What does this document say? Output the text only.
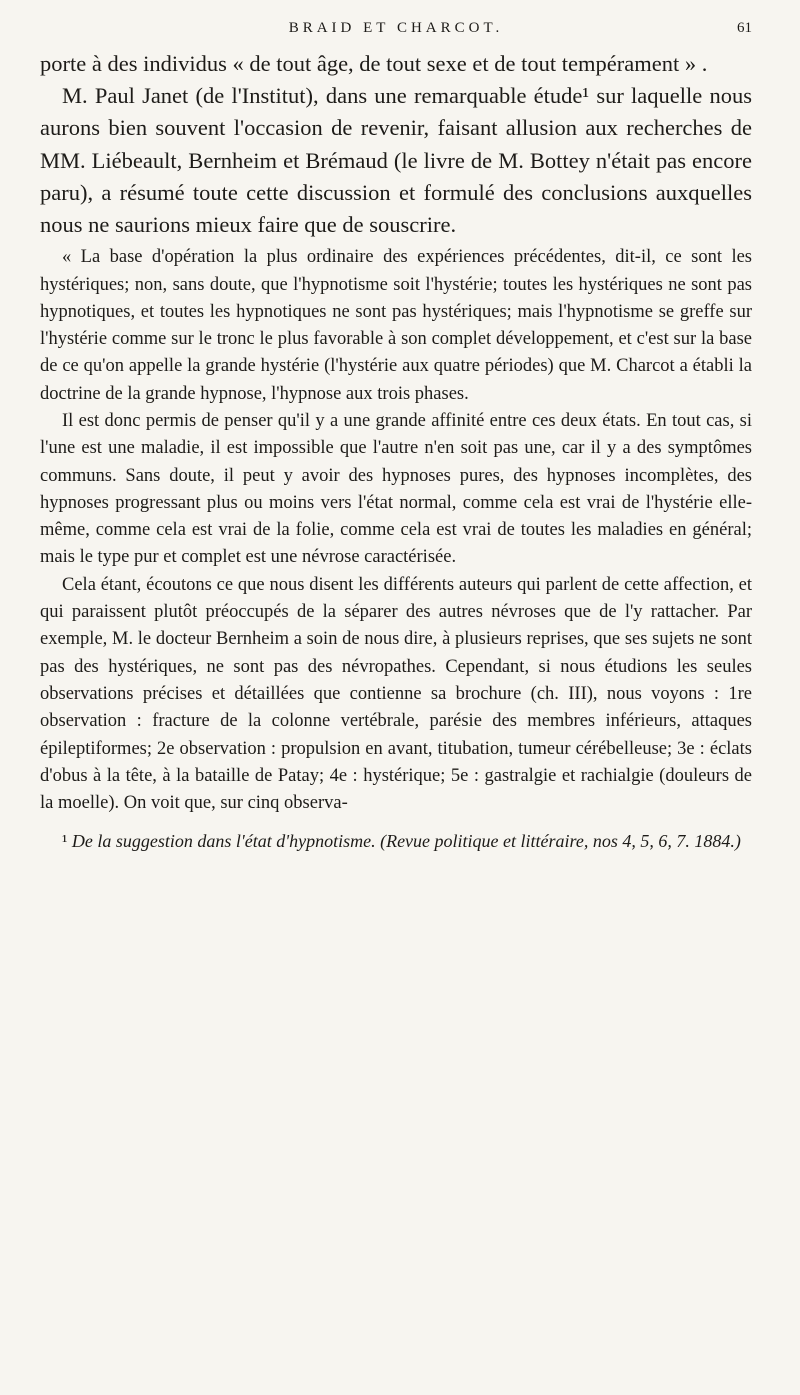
BRAID ET CHARCOT.	61

porte à des individus « de tout âge, de tout sexe et de tout tempérament » .

M. Paul Janet (de l'Institut), dans une remarquable étude¹ sur laquelle nous aurons bien souvent l'occasion de revenir, faisant allusion aux recherches de MM. Liébeault, Bernheim et Brémaud (le livre de M. Bottey n'était pas encore paru), a résumé toute cette discussion et formulé des conclusions auxquelles nous ne saurions mieux faire que de souscrire.

« La base d'opération la plus ordinaire des expériences précédentes, dit-il, ce sont les hystériques; non, sans doute, que l'hypnotisme soit l'hystérie; toutes les hystériques ne sont pas hypnotiques, et toutes les hypnotiques ne sont pas hystériques; mais l'hypnotisme se greffe sur l'hystérie comme sur le tronc le plus favorable à son complet développement, et c'est sur la base de ce qu'on appelle la grande hystérie (l'hystérie aux quatre périodes) que M. Charcot a établi la doctrine de la grande hypnose, l'hypnose aux trois phases.

Il est donc permis de penser qu'il y a une grande affinité entre ces deux états. En tout cas, si l'une est une maladie, il est impossible que l'autre n'en soit pas une, car il y a des symptômes communs. Sans doute, il peut y avoir des hypnoses pures, des hypnoses incomplètes, des hypnoses progressant plus ou moins vers l'état normal, comme cela est vrai de l'hystérie elle-même, comme cela est vrai de la folie, comme cela est vrai de toutes les maladies en général; mais le type pur et complet est une névrose caractérisée.

Cela étant, écoutons ce que nous disent les différents auteurs qui parlent de cette affection, et qui paraissent plutôt préoccupés de la séparer des autres névroses que de l'y rattacher. Par exemple, M. le docteur Bernheim a soin de nous dire, à plusieurs reprises, que ses sujets ne sont pas des hystériques, ne sont pas des névropathes. Cependant, si nous étudions les seules observations précises et détaillées que contienne sa brochure (ch. III), nous voyons : 1re observation : fracture de la colonne vertébrale, parésie des membres inférieurs, attaques épileptiformes; 2e observation : propulsion en avant, titubation, tumeur cérébelleuse; 3e : éclats d'obus à la tête, à la bataille de Patay; 4e : hystérique; 5e : gastralgie et rachialgie (douleurs de la moelle). On voit que, sur cinq observa-

¹ De la suggestion dans l'état d'hypnotisme. (Revue politique et littéraire, nos 4, 5, 6, 7. 1884.)
